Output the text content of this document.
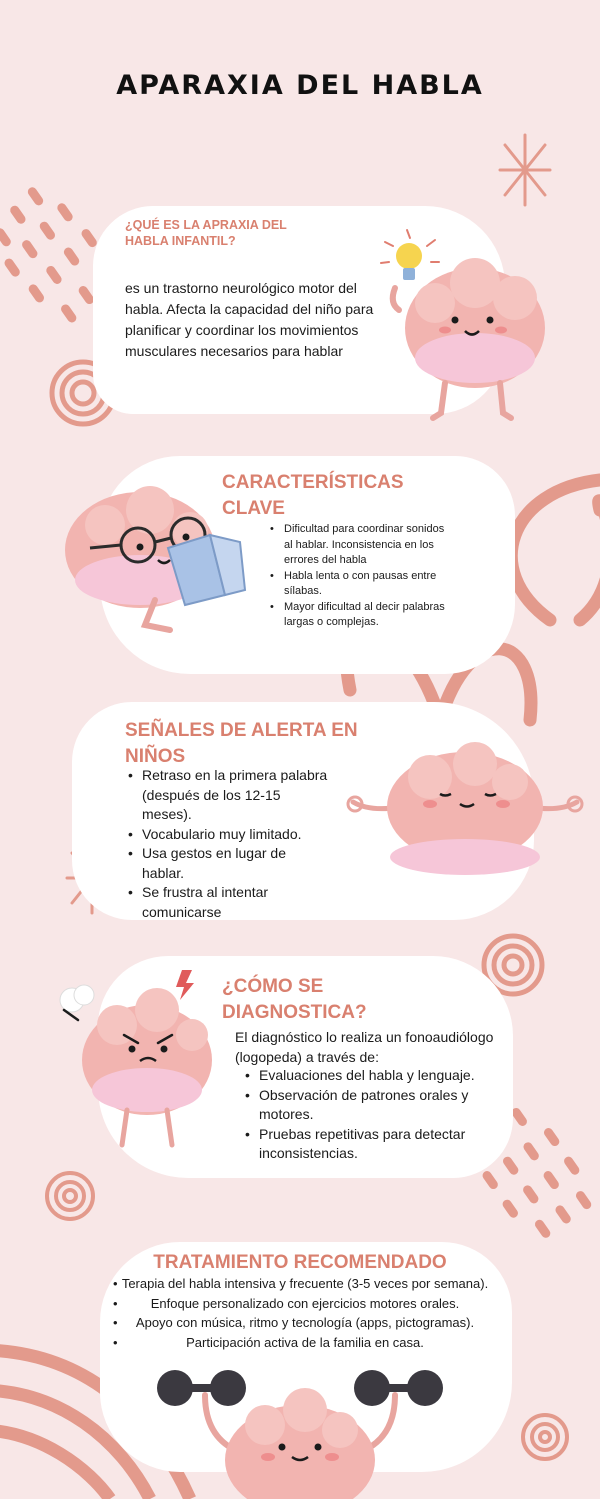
APARAXIA DEL HABLA
¿QUÉ ES LA APRAXIA DEL HABLA INFANTIL?
es un trastorno neurológico motor del habla. Afecta la capacidad del niño para planificar y coordinar los movimientos musculares necesarios para hablar
CARACTERÍSTICAS CLAVE
• Dificultad para coordinar sonidos al hablar. Inconsistencia en los errores del habla
• Habla lenta o con pausas entre sílabas.
• Mayor dificultad al decir palabras largas o complejas.
SEÑALES DE ALERTA EN NIÑOS
• Retraso en la primera palabra (después de los 12-15 meses).
• Vocabulario muy limitado.
• Usa gestos en lugar de hablar.
• Se frustra al intentar comunicarse
¿CÓMO SE DIAGNOSTICA?
El diagnóstico lo realiza un fonoaudiólogo (logopeda) a través de:
• Evaluaciones del habla y lenguaje.
• Observación de patrones orales y motores.
• Pruebas repetitivas para detectar inconsistencias.
TRATAMIENTO RECOMENDADO
• Terapia del habla intensiva y frecuente (3-5 veces por semana).
• Enfoque personalizado con ejercicios motores orales.
• Apoyo con música, ritmo y tecnología (apps, pictogramas).
• Participación activa de la familia en casa.
